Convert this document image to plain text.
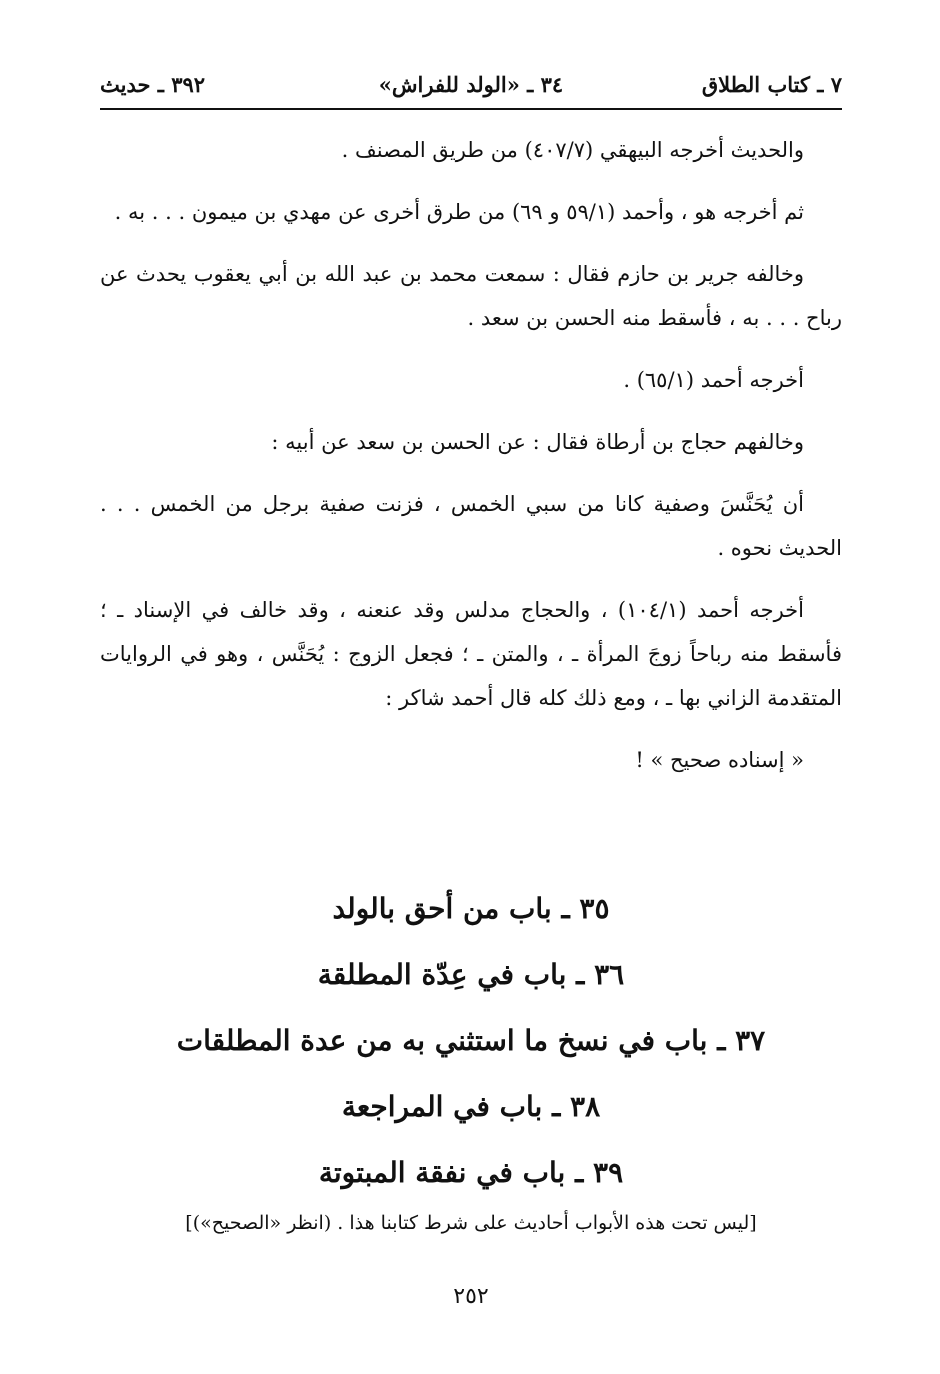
٧ ـ كتاب الطلاق
٣٤ ـ «الولد للفراش»
٣٩٢ ـ حديث

والحديث أخرجه البيهقي (٤٠٧/٧) من طريق المصنف .

ثم أخرجه هو ، وأحمد (٥٩/١ و ٦٩) من طرق أخرى عن مهدي بن ميمون . . . به .

وخالفه جرير بن حازم فقال : سمعت محمد بن عبد الله بن أبي يعقوب يحدث عن رباح . . . به ، فأسقط منه الحسن بن سعد .

أخرجه أحمد (٦٥/١) .

وخالفهم حجاج بن أرطاة فقال : عن الحسن بن سعد عن أبيه :

أن يُحَنَّسَ وصفية كانا من سبي الخمس ، فزنت صفية برجل من الخمس . . . الحديث نحوه .

أخرجه أحمد (١٠٤/١) ، والحجاج مدلس وقد عنعنه ، وقد خالف في الإسناد ـ ؛ فأسقط منه رباحاً زوجَ المرأة ـ ، والمتن ـ ؛ فجعل الزوج : يُحَنَّس ، وهو في الروايات المتقدمة الزاني بها ـ ، ومع ذلك كله قال أحمد شاكر :

« إسناده صحيح » !

٣٥ ـ باب من أحق بالولد
٣٦ ـ باب في عِدّة المطلقة
٣٧ ـ باب في نسخ ما استثني به من عدة المطلقات
٣٨ ـ باب في المراجعة
٣٩ ـ باب في نفقة المبتوتة
[ليس تحت هذه الأبواب أحاديث على شرط كتابنا هذا . (انظر «الصحيح»)]
٢٥٢
